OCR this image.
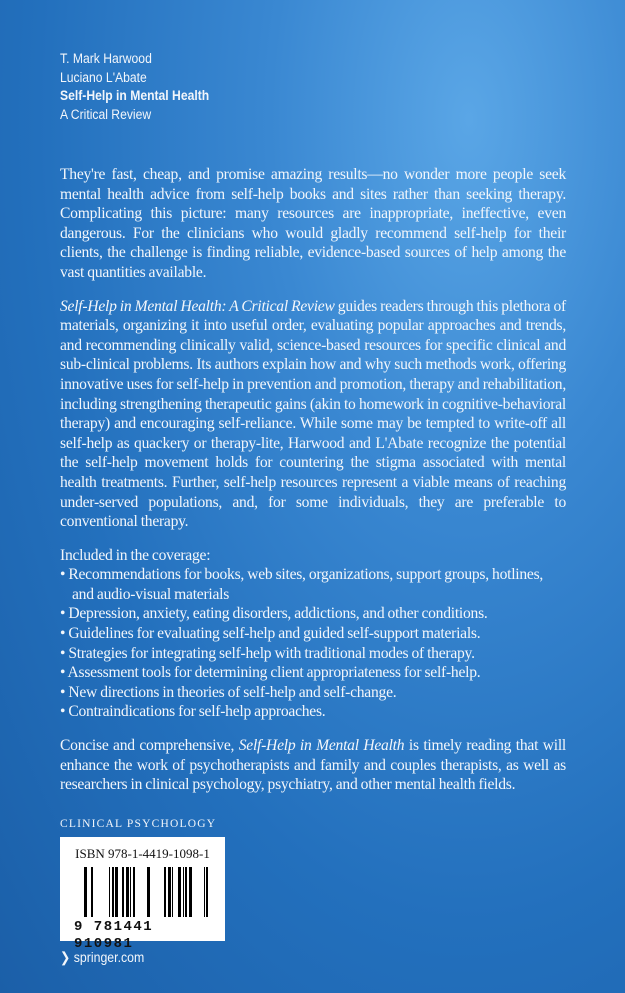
T. Mark Harwood
Luciano L'Abate
Self-Help in Mental Health
A Critical Review

They're fast, cheap, and promise amazing results—no wonder more people seek mental health advice from self-help books and sites rather than seeking therapy. Complicating this picture: many resources are inappropriate, ineffective, even dangerous. For the clinicians who would gladly recommend self-help for their clients, the challenge is finding reliable, evidence-based sources of help among the vast quantities available.

Self-Help in Mental Health: A Critical Review guides readers through this plethora of materials, organizing it into useful order, evaluating popular approaches and trends, and recommending clinically valid, science-based resources for specific clinical and sub-clinical problems. Its authors explain how and why such methods work, offering innovative uses for self-help in prevention and promotion, therapy and rehabilitation, including strengthening therapeutic gains (akin to homework in cognitive-behavioral therapy) and encouraging self-reliance. While some may be tempted to write-off all self-help as quackery or therapy-lite, Harwood and L'Abate recognize the potential the self-help movement holds for countering the stigma associated with mental health treatments. Further, self-help resources represent a viable means of reaching under-served populations, and, for some individuals, they are preferable to conventional therapy.

Included in the coverage:

• Recommendations for books, web sites, organizations, support groups, hotlines, and audio-visual materials
• Depression, anxiety, eating disorders, addictions, and other conditions.
• Guidelines for evaluating self-help and guided self-support materials.
• Strategies for integrating self-help with traditional modes of therapy.
• Assessment tools for determining client appropriateness for self-help.
• New directions in theories of self-help and self-change.
• Contraindications for self-help approaches.

Concise and comprehensive, Self-Help in Mental Health is timely reading that will enhance the work of psychotherapists and family and couples therapists, as well as researchers in clinical psychology, psychiatry, and other mental health fields.

CLINICAL PSYCHOLOGY
ISBN 978-1-4419-1098-1
9 781441 910981
❯ springer.com
